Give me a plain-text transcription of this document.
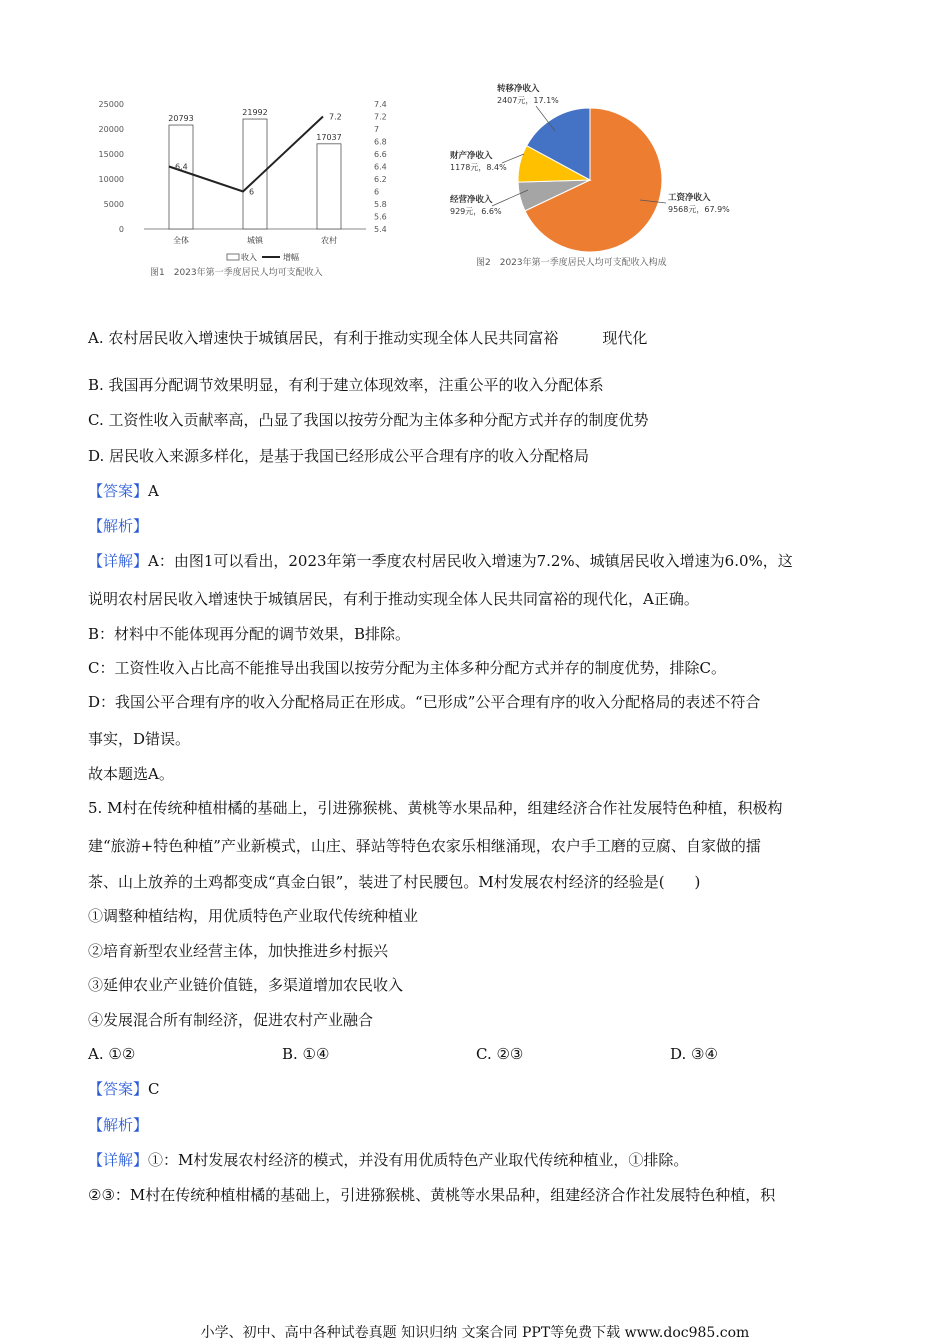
25000
20000
15000
10000
5000
0
7.4
7.2
7
6.8
6.6
6.4
6.2
6
5.8
5.6
5.4
20793
21992
17037
6.4
6
7.2
全体	城镇	农村
收入	增幅
图1　2023年第一季度居民人均可支配收入
转移净收入
2407元，17.1%
财产净收入
1178元，8.4%
经营净收入
929元，6.6%
工资净收入
9568元，67.9%
图2　2023年第一季度居民人均可支配收入构成
A. 农村居民收入增速快于城镇居民，有利于推动实现全体人民共同富裕	现代化
B. 我国再分配调节效果明显，有利于建立体现效率，注重公平的收入分配体系
C. 工资性收入贡献率高，凸显了我国以按劳分配为主体多种分配方式并存的制度优势
D. 居民收入来源多样化，是基于我国已经形成公平合理有序的收入分配格局
【答案】A
【解析】
【详解】A：由图1可以看出，2023年第一季度农村居民收入增速为7.2%、城镇居民收入增速为6.0%，这
说明农村居民收入增速快于城镇居民，有利于推动实现全体人民共同富裕的现代化，A正确。
B：材料中不能体现再分配的调节效果，B排除。
C：工资性收入占比高不能推导出我国以按劳分配为主体多种分配方式并存的制度优势，排除C。
D：我国公平合理有序的收入分配格局正在形成。“已形成”公平合理有序的收入分配格局的表述不符合
事实，D错误。
故本题选A。
5. M村在传统种植柑橘的基础上，引进猕猴桃、黄桃等水果品种，组建经济合作社发展特色种植，积极构
建“旅游+特色种植”产业新模式，山庄、驿站等特色农家乐相继涌现，农户手工磨的豆腐、自家做的擂
茶、山上放养的土鸡都变成“真金白银”，装进了村民腰包。M村发展农村经济的经验是(　　)
①调整种植结构，用优质特色产业取代传统种植业
②培育新型农业经营主体，加快推进乡村振兴
③延伸农业产业链价值链，多渠道增加农民收入
④发展混合所有制经济，促进农村产业融合
A. ①②	B. ①④	C. ②③	D. ③④
【答案】C
【解析】
【详解】①：M村发展农村经济的模式，并没有用优质特色产业取代传统种植业，①排除。
②③：M村在传统种植柑橘的基础上，引进猕猴桃、黄桃等水果品种，组建经济合作社发展特色种植，积
小学、初中、高中各种试卷真题 知识归纳 文案合同 PPT等免费下载 www.doc985.com
